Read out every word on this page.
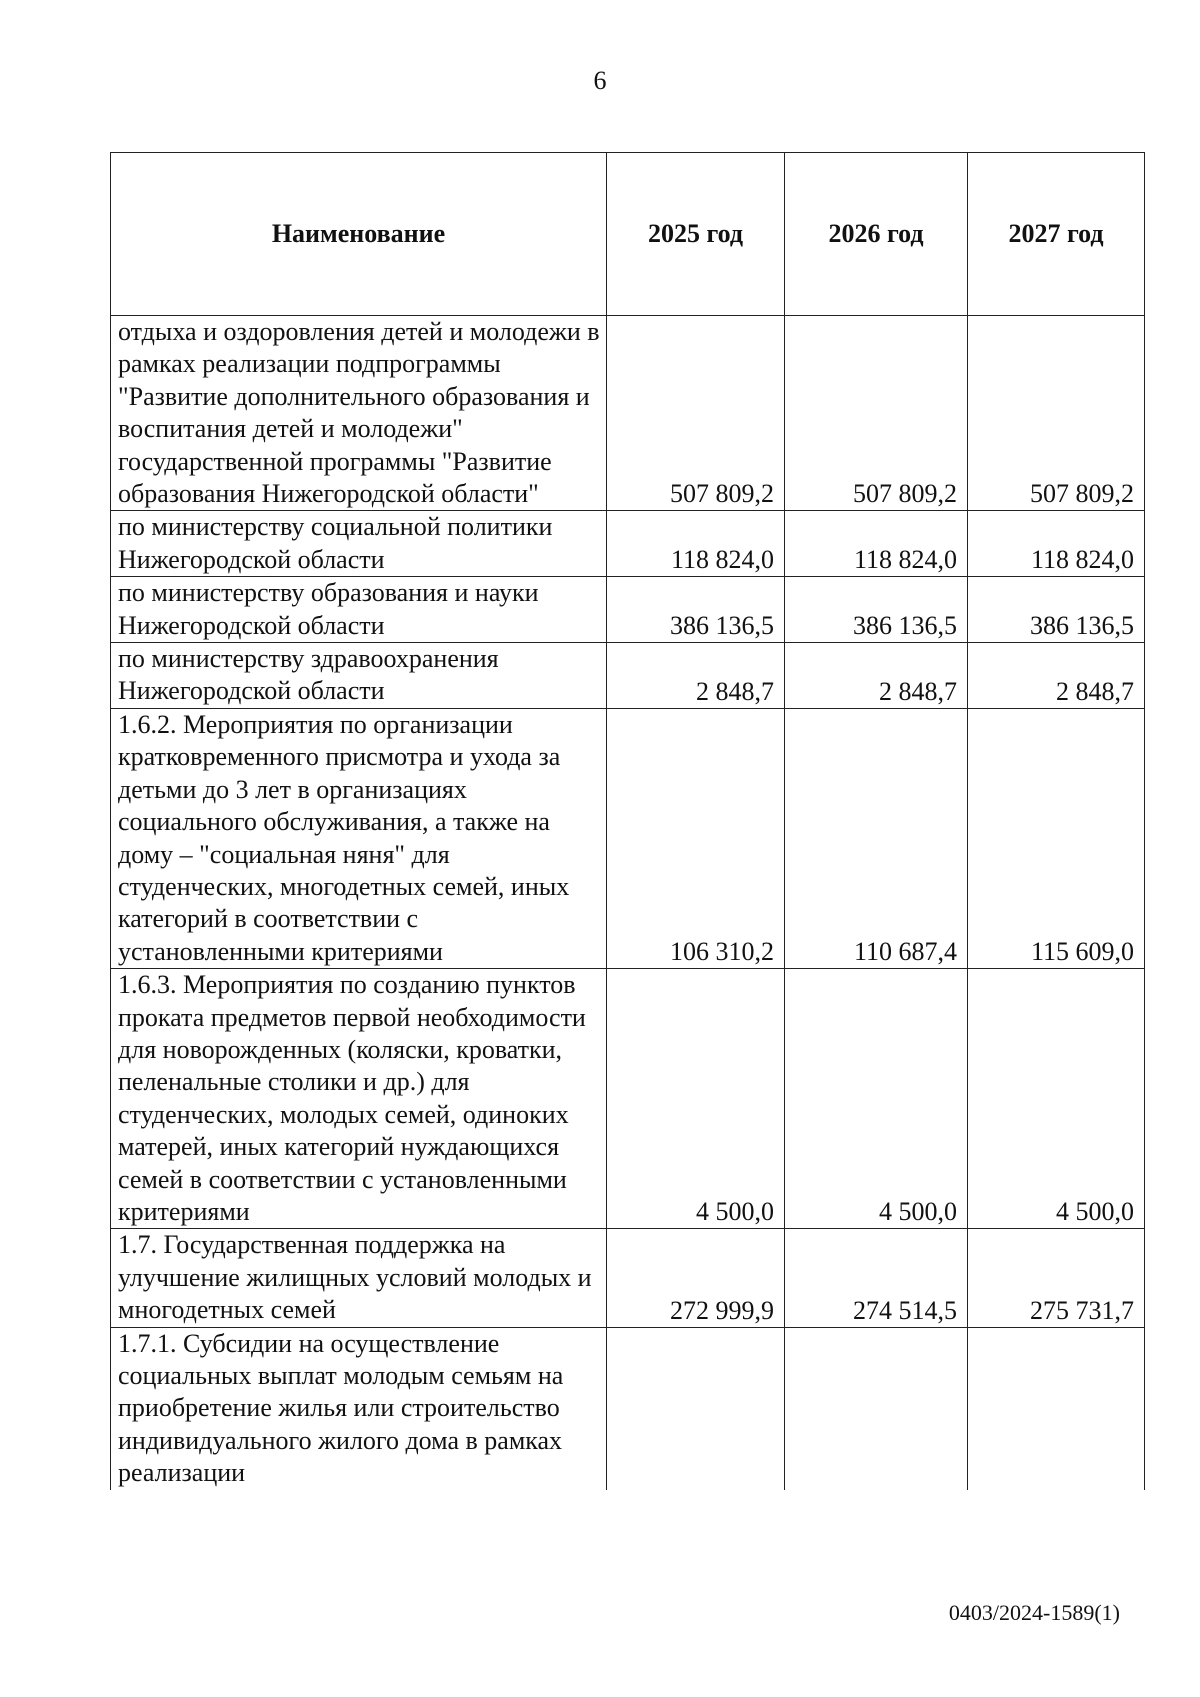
6
Наименование	2025 год	2026 год	2027 год
отдыха и оздоровления детей и молодежи в рамках реализации подпрограммы "Развитие дополнительного образования и воспитания детей и молодежи" государственной программы "Развитие образования Нижегородской области"	507 809,2	507 809,2	507 809,2
по министерству социальной политики Нижегородской области	118 824,0	118 824,0	118 824,0
по министерству образования и науки Нижегородской области	386 136,5	386 136,5	386 136,5
по министерству здравоохранения Нижегородской области	2 848,7	2 848,7	2 848,7
1.6.2. Мероприятия по организации кратковременного присмотра и ухода за детьми до 3 лет в организациях социального обслуживания, а также на дому – "социальная няня" для студенческих, многодетных семей, иных категорий в соответствии с установленными критериями	106 310,2	110 687,4	115 609,0
1.6.3. Мероприятия по созданию пунктов проката предметов первой необходимости для новорожденных (коляски, кроватки, пеленальные столики и др.) для студенческих, молодых семей, одиноких матерей, иных категорий нуждающихся семей в соответствии с установленными критериями	4 500,0	4 500,0	4 500,0
1.7. Государственная поддержка на улучшение жилищных условий молодых и многодетных семей	272 999,9	274 514,5	275 731,7
1.7.1. Субсидии на осуществление социальных выплат молодым семьям на приобретение жилья или строительство индивидуального жилого дома в рамках реализации			
0403/2024-1589(1)
